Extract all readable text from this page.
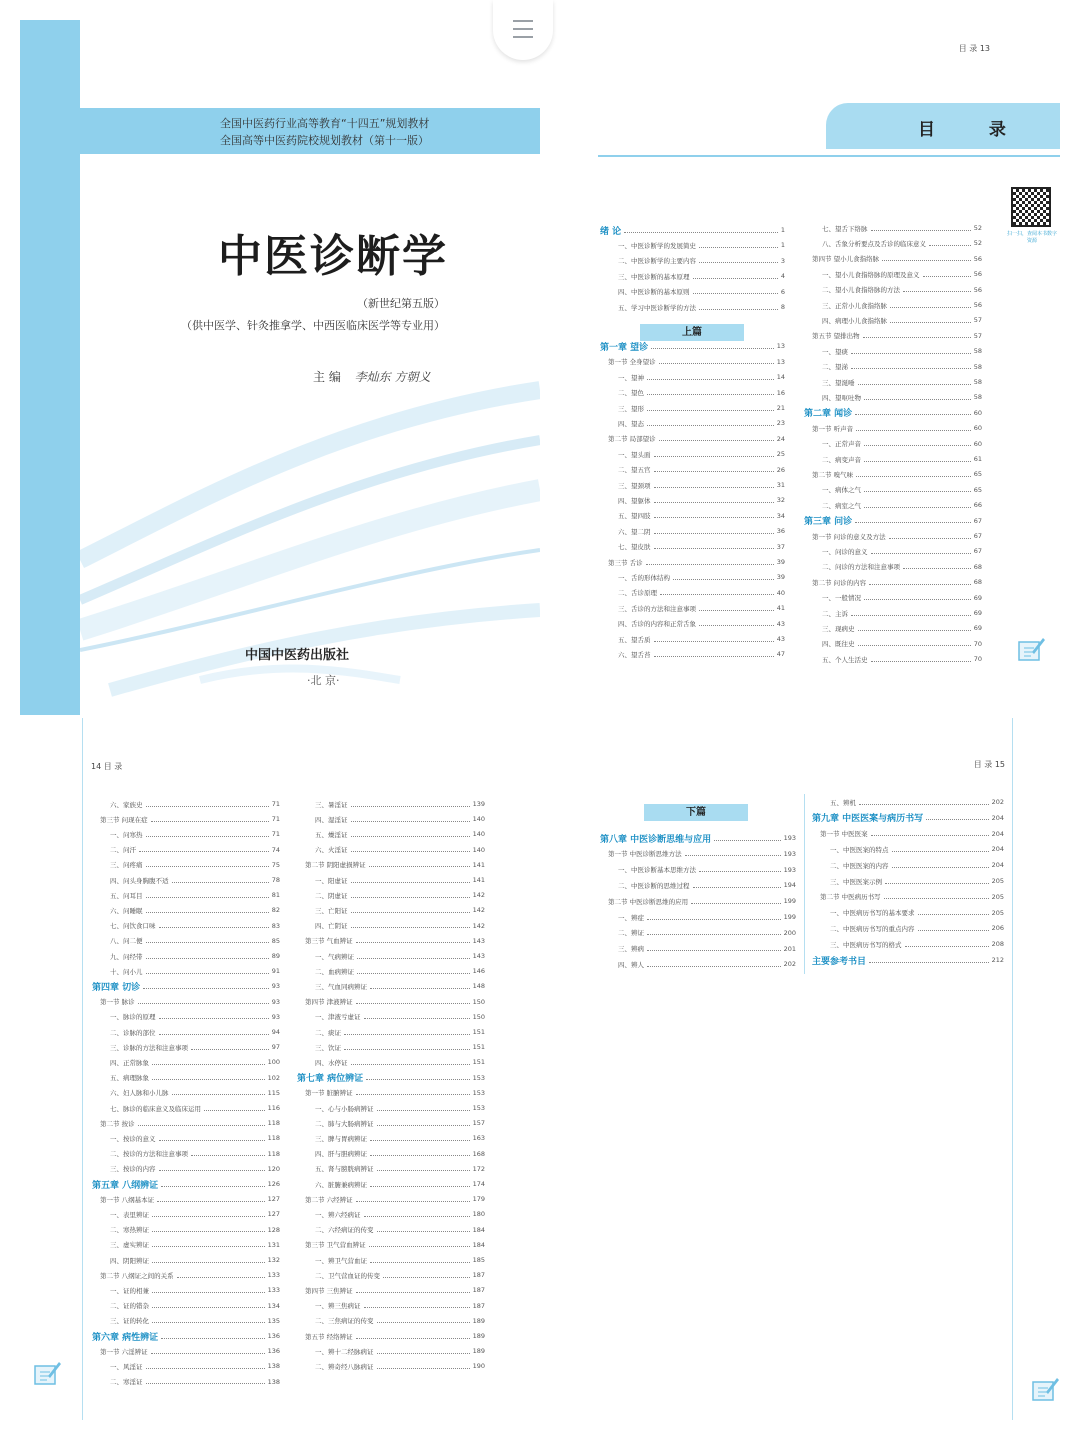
全国中医药行业高等教育“十四五”规划教材
全国高等中医药院校规划教材（第十一版）
中医诊断学
（新世纪第五版）
（供中医学、针灸推拿学、中西医临床医学等专业用）
主 编 李灿东 方朝义
中国中医药出版社
·北 京·
目 录 13
目 录
扫一扫，查阅本书数字资源
上篇
绪 论	1
一、中医诊断学的发展简史	1
二、中医诊断学的主要内容	3
三、中医诊断的基本原理	4
四、中医诊断的基本原则	6
五、学习中医诊断学的方法	8
第一章 望诊	13
第一节 全身望诊	13
一、望神	14
二、望色	16
三、望形	21
四、望态	23
第二节 局部望诊	24
一、望头面	25
二、望五官	26
三、望颈项	31
四、望躯体	32
五、望四肢	34
六、望二阴	36
七、望皮肤	37
第三节 舌诊	39
一、舌的形体结构	39
二、舌诊原理	40
三、舌诊的方法和注意事项	41
四、舌诊的内容和正常舌象	43
五、望舌质	43
六、望舌苔	47
七、望舌下络脉	52
八、舌象分析要点及舌诊的临床意义	52
第四节 望小儿食指络脉	56
一、望小儿食指络脉的原理及意义	56
二、望小儿食指络脉的方法	56
三、正常小儿食指络脉	56
四、病理小儿食指络脉	57
第五节 望排出物	57
一、望痰	58
二、望涕	58
三、望涎唾	58
四、望呕吐物	58
第二章 闻诊	60
第一节 听声音	60
一、正常声音	60
二、病变声音	61
第二节 嗅气味	65
一、病体之气	65
二、病室之气	66
第三章 问诊	67
第一节 问诊的意义及方法	67
一、问诊的意义	67
二、问诊的方法和注意事项	68
第二节 问诊的内容	68
一、一般情况	69
二、主诉	69
三、现病史	69
四、既往史	70
五、个人生活史	70
14 目 录
六、家族史	71
第三节 问现在症	71
一、问寒热	71
二、问汗	74
三、问疼痛	75
四、问头身胸腹不适	78
五、问耳目	81
六、问睡眠	82
七、问饮食口味	83
八、问二便	85
九、问经带	89
十、问小儿	91
第四章 切诊	93
第一节 脉诊	93
一、脉诊的原理	93
二、诊脉的部位	94
三、诊脉的方法和注意事项	97
四、正常脉象	100
五、病理脉象	102
六、妇人脉和小儿脉	115
七、脉诊的临床意义及临床运用	116
第二节 按诊	118
一、按诊的意义	118
二、按诊的方法和注意事项	118
三、按诊的内容	120
第五章 八纲辨证	126
第一节 八纲基本证	127
一、表里辨证	127
二、寒热辨证	128
三、虚实辨证	131
四、阴阳辨证	132
第二节 八纲证之间的关系	133
一、证的相兼	133
二、证的错杂	134
三、证的转化	135
第六章 病性辨证	136
第一节 六淫辨证	136
一、风淫证	138
二、寒淫证	138
三、暑淫证	139
四、湿淫证	140
五、燥淫证	140
六、火淫证	140
第二节 阴阳虚损辨证	141
一、阳虚证	141
二、阴虚证	142
三、亡阳证	142
四、亡阴证	142
第三节 气血辨证	143
一、气病辨证	143
二、血病辨证	146
三、气血同病辨证	148
第四节 津液辨证	150
一、津液亏虚证	150
二、痰证	151
三、饮证	151
四、水停证	151
第七章 病位辨证	153
第一节 脏腑辨证	153
一、心与小肠病辨证	153
二、肺与大肠病辨证	157
三、脾与胃病辨证	163
四、肝与胆病辨证	168
五、肾与膀胱病辨证	172
六、脏腑兼病辨证	174
第二节 六经辨证	179
一、辨六经病证	180
二、六经病证的传变	184
第三节 卫气营血辨证	184
一、辨卫气营血证	185
二、卫气营血证的传变	187
第四节 三焦辨证	187
一、辨三焦病证	187
二、三焦病证的传变	189
第五节 经络辨证	189
一、辨十二经脉病证	189
二、辨奇经八脉病证	190
目 录 15
下篇
第八章 中医诊断思维与应用	193
第一节 中医诊断思维方法	193
一、中医诊断基本思维方法	193
二、中医诊断的思维过程	194
第二节 中医诊断思维的应用	199
一、辨症	199
二、辨证	200
三、辨病	201
四、辨人	202
五、辨机	202
第九章 中医医案与病历书写	204
第一节 中医医案	204
一、中医医案的特点	204
二、中医医案的内容	204
三、中医医案示例	205
第二节 中医病历书写	205
一、中医病历书写的基本要求	205
二、中医病历书写的重点内容	206
三、中医病历书写的格式	208
主要参考书目	212
